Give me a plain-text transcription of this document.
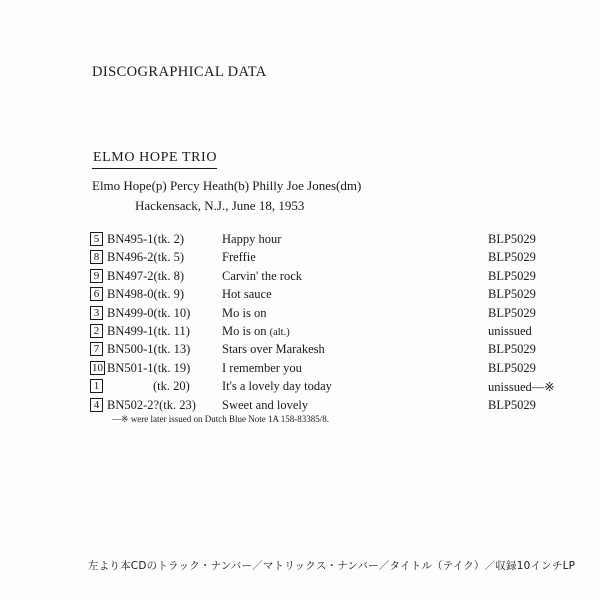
DISCOGRAPHICAL DATA
ELMO HOPE TRIO
Elmo Hope(p) Percy Heath(b) Philly Joe Jones(dm)
Hackensack, N.J., June 18, 1953
5 BN495-1(tk. 2)	Happy hour	BLP5029
8 BN496-2(tk. 5)	Freffie	BLP5029
9 BN497-2(tk. 8)	Carvin' the rock	BLP5029
6 BN498-0(tk. 9)	Hot sauce	BLP5029
3 BN499-0(tk. 10)	Mo is on	BLP5029
2 BN499-1(tk. 11)	Mo is on (alt.)	unissued
7 BN500-1(tk. 13)	Stars over Marakesh	BLP5029
10 BN501-1(tk. 19)	I remember you	BLP5029
1	(tk. 20)	It's a lovely day today	unissued—※
4 BN502-2?(tk. 23) Sweet and lovely	BLP5029
—※ were later issued on Dutch Blue Note 1A 158-83385/8.
左より本CDのトラック・ナンバー／マトリックス・ナンバー／タイトル（テイク）／収録10インチLP
